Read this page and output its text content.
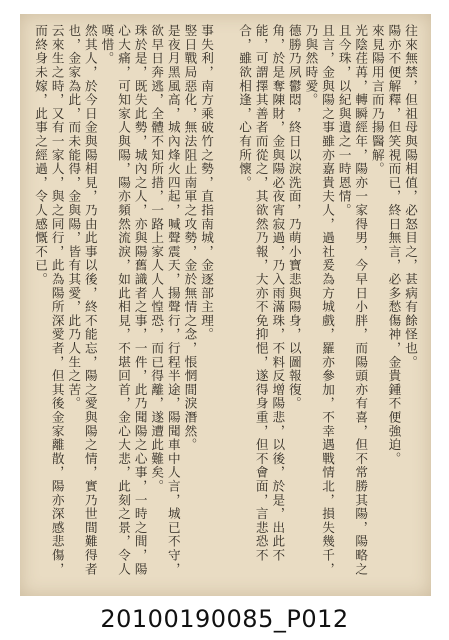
往來無禁，但祖母與陽相值，必怒目之，甚病有餘怪也。

陽亦不便解釋，但笑視而已，終日無言，必多愁傷神，金貴鍾不便強迫。

來見陽用言而乃揚醫解。

光陰荏苒，轉瞬經年，陽亦一家得男，今早日小胖，而陽頭亦有喜，但不常勝其陽，陽略之且今珠，以紀與遺之一時恩情。

且言，金與陽之事雖亦嘉貴夫人，過社爰為方城戲，羅亦參加，不幸遇戰情北，損失幾千，乃與然時愛。

德勝乃夙鬱悶，終日以淚洗面，乃萌小寶悲與陽身，以圖報復。

角，於是奪陳財，金與陽必夜宵寂過，乃入雨滿珠，不料反增陽悲，以後，於是，出此不能，可謂擇其善者而從之，其欲然乃報，大亦不免抑悒，遂得身重，但不會面，言悲恐不合，雖欲相逢，心有所懷。

事失利，南方乘破竹之勢，直指南城，金逐部主理。

竪日戰局惡化，無法阻止南軍之攻勢，金於無情之念，悵惘間淚潛然。

是夜月黑風高，城內烽火四起，喊聲震天，揚聲行，行程半途，陽聞車中人言，城已不守，欲早日奔逃，全體不知所措，一路上家人人人惶恐，而已得離，遂遭此難矣。

珠於是，既失此勢，城內之人，亦與陽舊識者之事，一件，此乃聞陽之心事，一時之間，陽心大痛，可知家人與陽，陽亦頻然流淚，如此相見，不堪回首，金心大悲，此刻之景，令人嘆惜。

然其人，於今日金與陽相見，乃由此事以後，終不能忘，陽之愛與陽之情，實乃世間難得者也，金家為此，而未能得，金與陽，皆有其愛，此乃人生之苦。

云來生之時，又有一家人，與之同行，此為陽所深愛者，但其後金家離散，陽亦深感悲傷，而終身未嫁，此事之經過，令人感慨不已。

20100190085_P012
